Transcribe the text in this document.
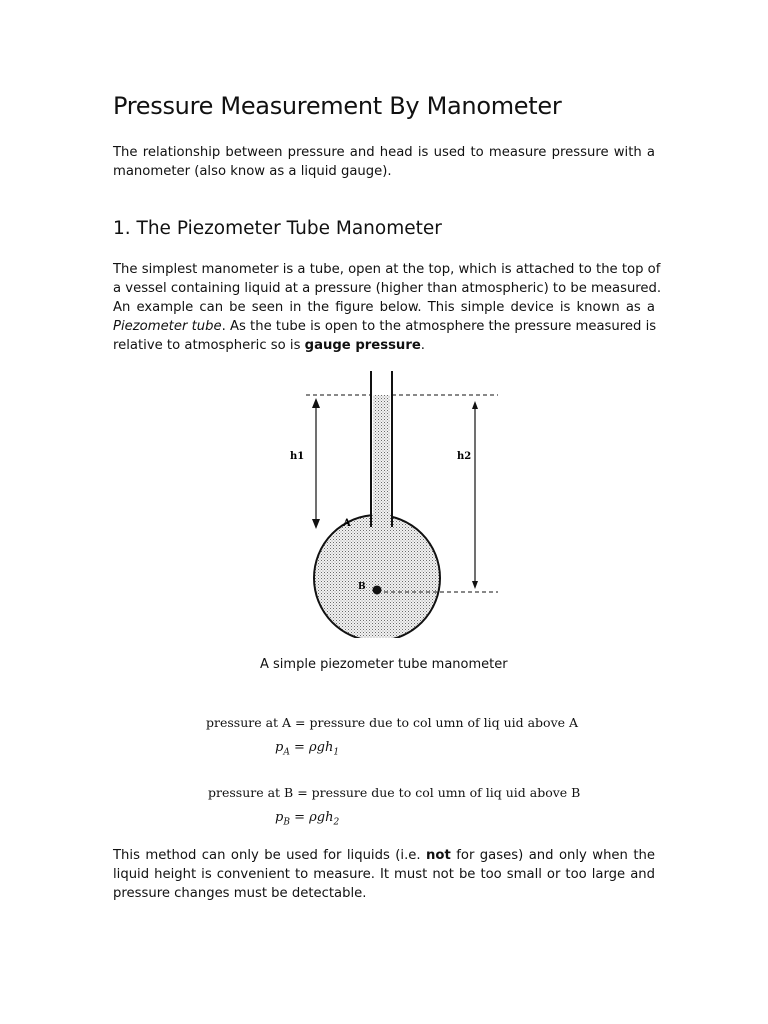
Pressure Measurement By Manometer

The relationship between pressure and head is used to measure pressure with a
manometer (also know as a liquid gauge).

1. The Piezometer Tube Manometer

The simplest manometer is a tube, open at the top, which is attached to the top of
a vessel containing liquid at a pressure (higher than atmospheric) to be measured.
An example can be seen in the figure below. This simple device is known as a
Piezometer tube. As the tube is open to the atmosphere the pressure measured is
relative to atmospheric so is gauge pressure.

h1	h2
A
B
A simple piezometer tube manometer
pressure at A = pressure due to col umn of liq uid above A
$p_A = \rho gh_1$
pressure at B = pressure due to col umn of liq uid above B
$p_B = \rho gh_2$

This method can only be used for liquids (i.e. not for gases) and only when the
liquid height is convenient to measure. It must not be too small or too large and
pressure changes must be detectable.
